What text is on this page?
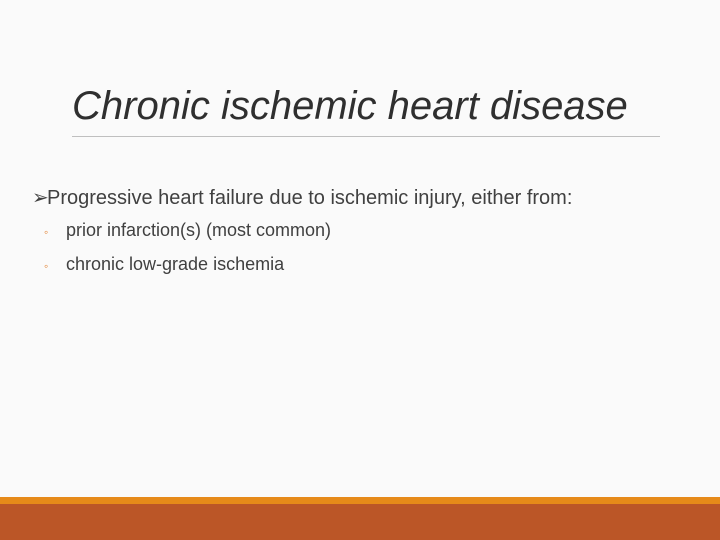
Chronic ischemic heart disease
➢
Progressive heart failure due to ischemic injury, either from:
◦ prior infarction(s) (most common)
◦ chronic low-grade ischemia
